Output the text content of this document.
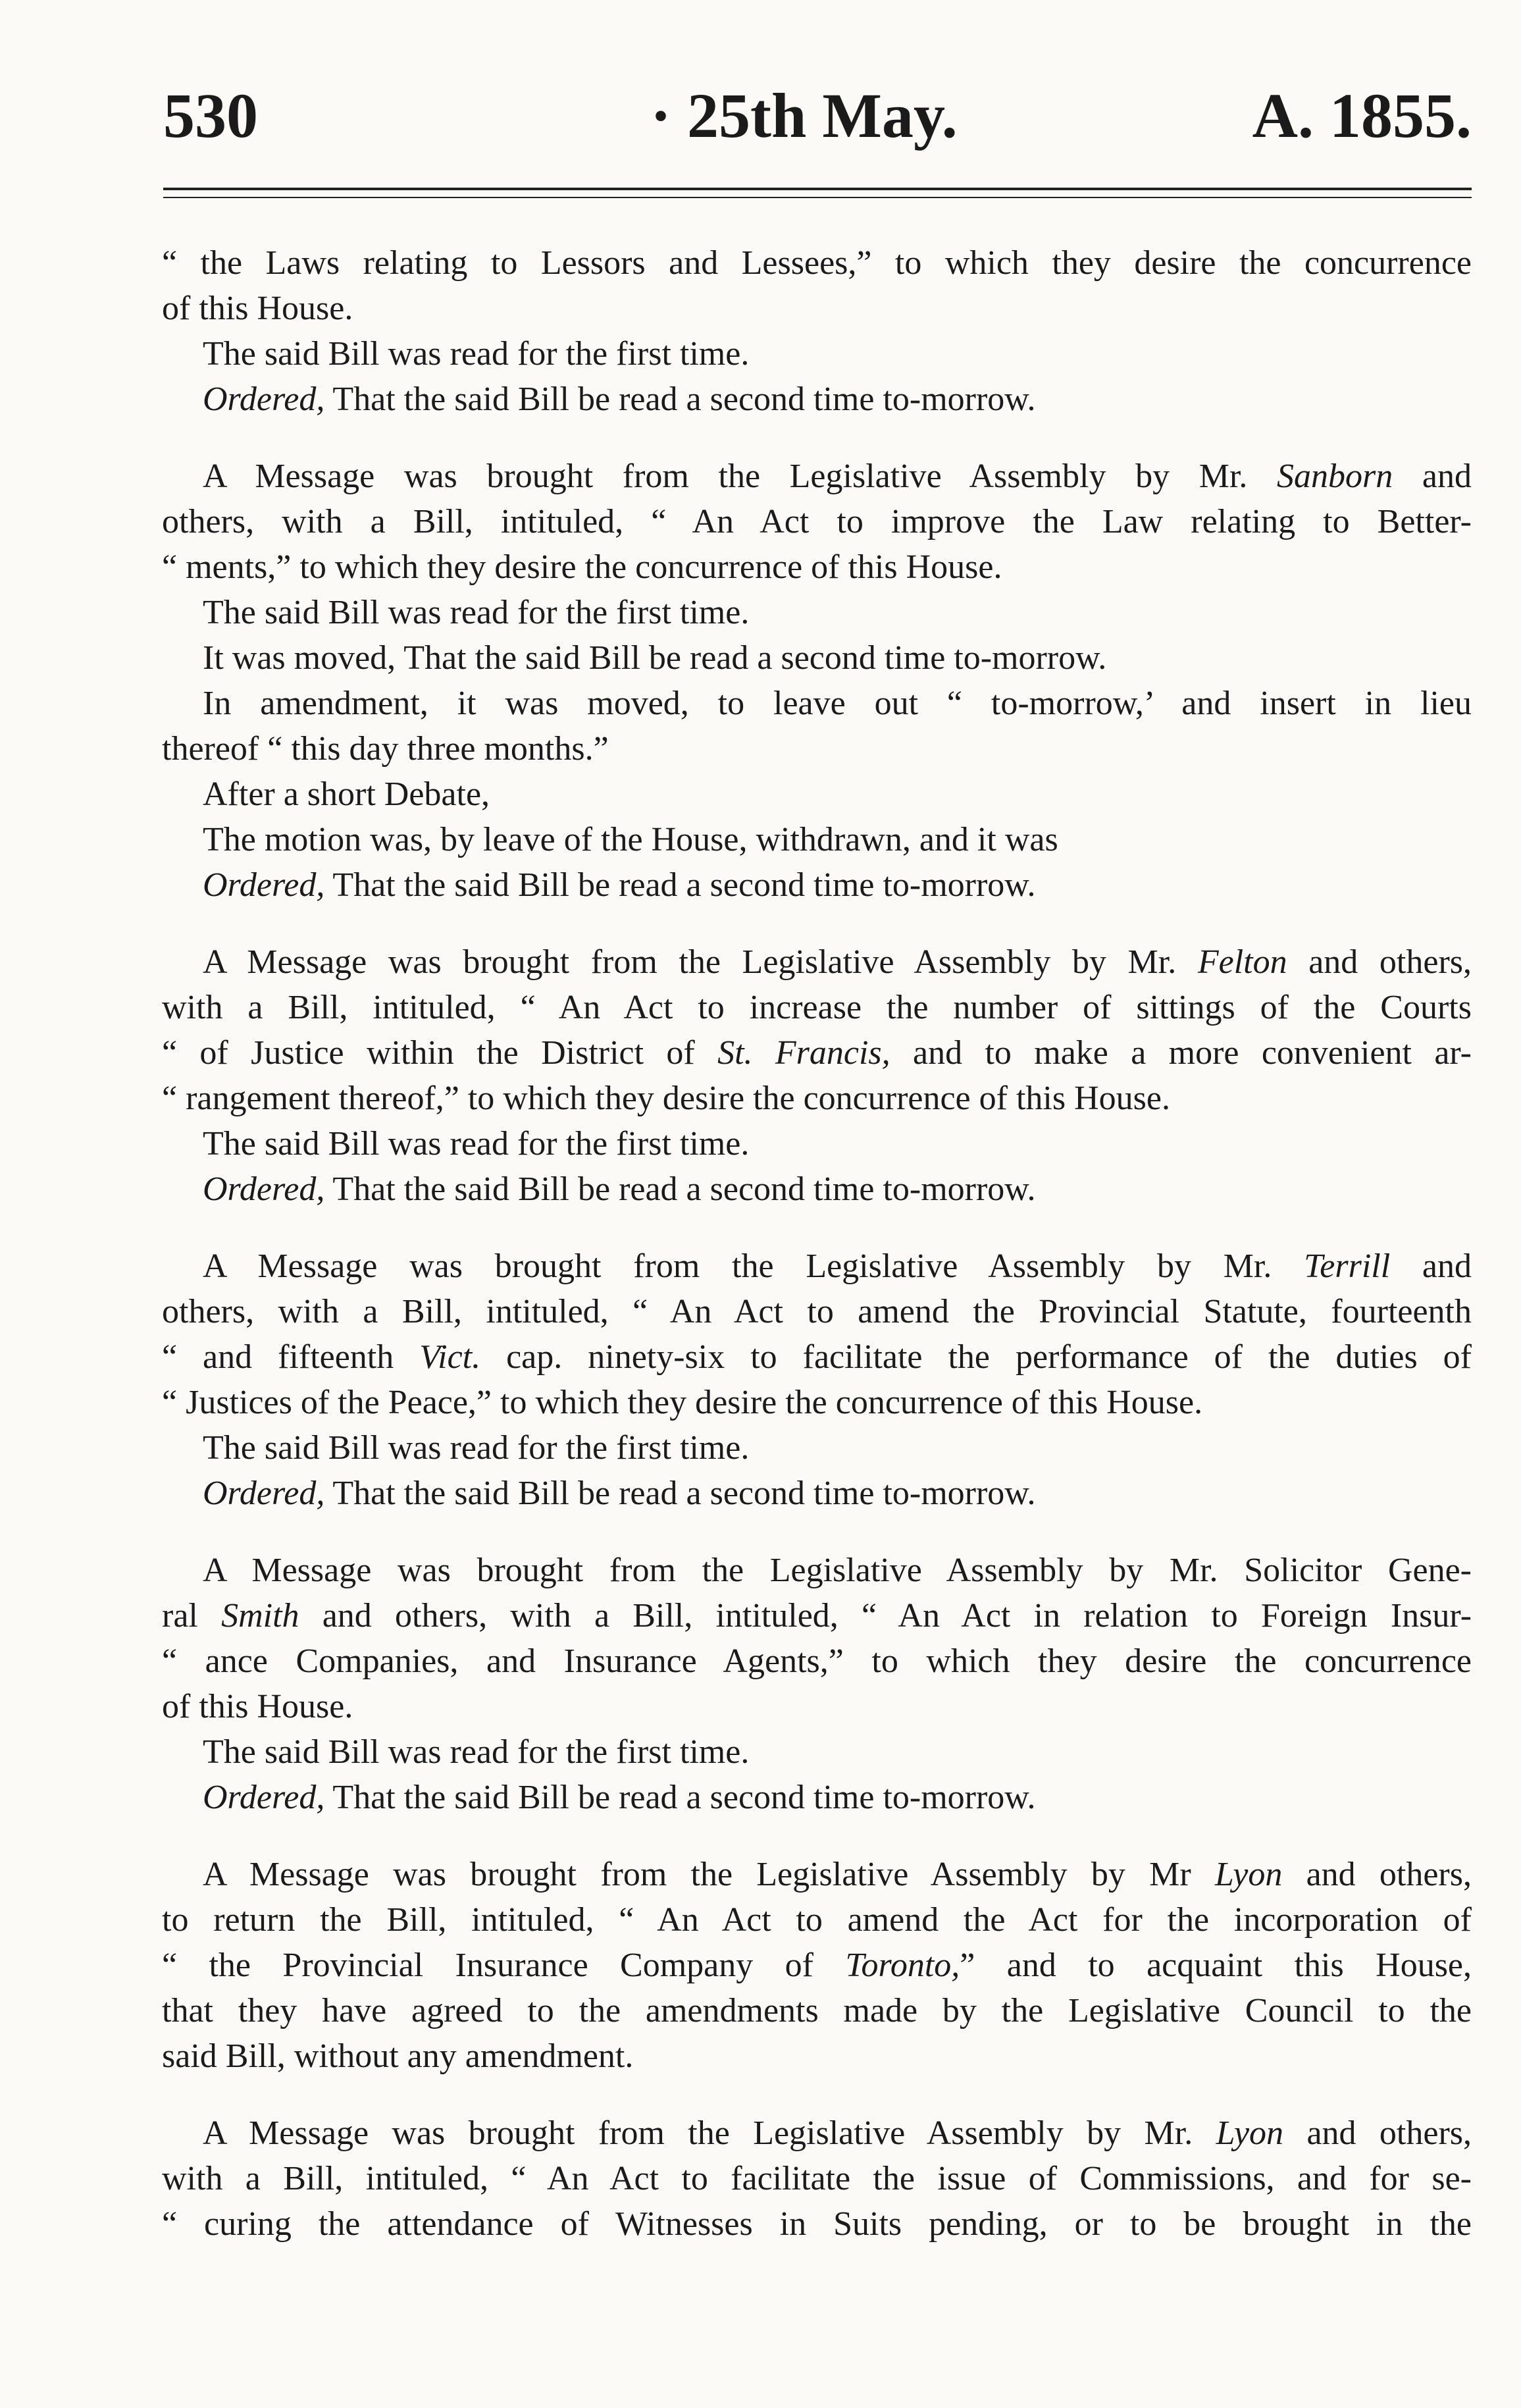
530	· 25th May.	A. 1855.
“ the Laws relating to Lessors and Lessees,” to which they desire the concurrence
of this House.
The said Bill was read for the first time.
Ordered, That the said Bill be read a second time to-morrow.
A Message was brought from the Legislative Assembly by Mr. Sanborn and
others, with a Bill, intituled, “ An Act to improve the Law relating to Better-
“ ments,” to which they desire the concurrence of this House.
The said Bill was read for the first time.
It was moved, That the said Bill be read a second time to-morrow.
In amendment, it was moved, to leave out “ to-morrow,’ and insert in lieu
thereof “ this day three months.”
After a short Debate,
The motion was, by leave of the House, withdrawn, and it was
Ordered, That the said Bill be read a second time to-morrow.
A Message was brought from the Legislative Assembly by Mr. Felton and others,
with a Bill, intituled, “ An Act to increase the number of sittings of the Courts
“ of Justice within the District of St. Francis, and to make a more convenient ar-
“ rangement thereof,” to which they desire the concurrence of this House.
The said Bill was read for the first time.
Ordered, That the said Bill be read a second time to-morrow.
A Message was brought from the Legislative Assembly by Mr. Terrill and
others, with a Bill, intituled, “ An Act to amend the Provincial Statute, fourteenth
“ and fifteenth Vict. cap. ninety-six to facilitate the performance of the duties of
“ Justices of the Peace,” to which they desire the concurrence of this House.
The said Bill was read for the first time.
Ordered, That the said Bill be read a second time to-morrow.
A Message was brought from the Legislative Assembly by Mr. Solicitor Gene-
ral Smith and others, with a Bill, intituled, “ An Act in relation to Foreign Insur-
“ ance Companies, and Insurance Agents,” to which they desire the concurrence
of this House.
The said Bill was read for the first time.
Ordered, That the said Bill be read a second time to-morrow.
A Message was brought from the Legislative Assembly by Mr Lyon and others,
to return the Bill, intituled, “ An Act to amend the Act for the incorporation of
“ the Provincial Insurance Company of Toronto,” and to acquaint this House,
that they have agreed to the amendments made by the Legislative Council to the
said Bill, without any amendment.
A Message was brought from the Legislative Assembly by Mr. Lyon and others,
with a Bill, intituled, “ An Act to facilitate the issue of Commissions, and for se-
“ curing the attendance of Witnesses in Suits pending, or to be brought in the
